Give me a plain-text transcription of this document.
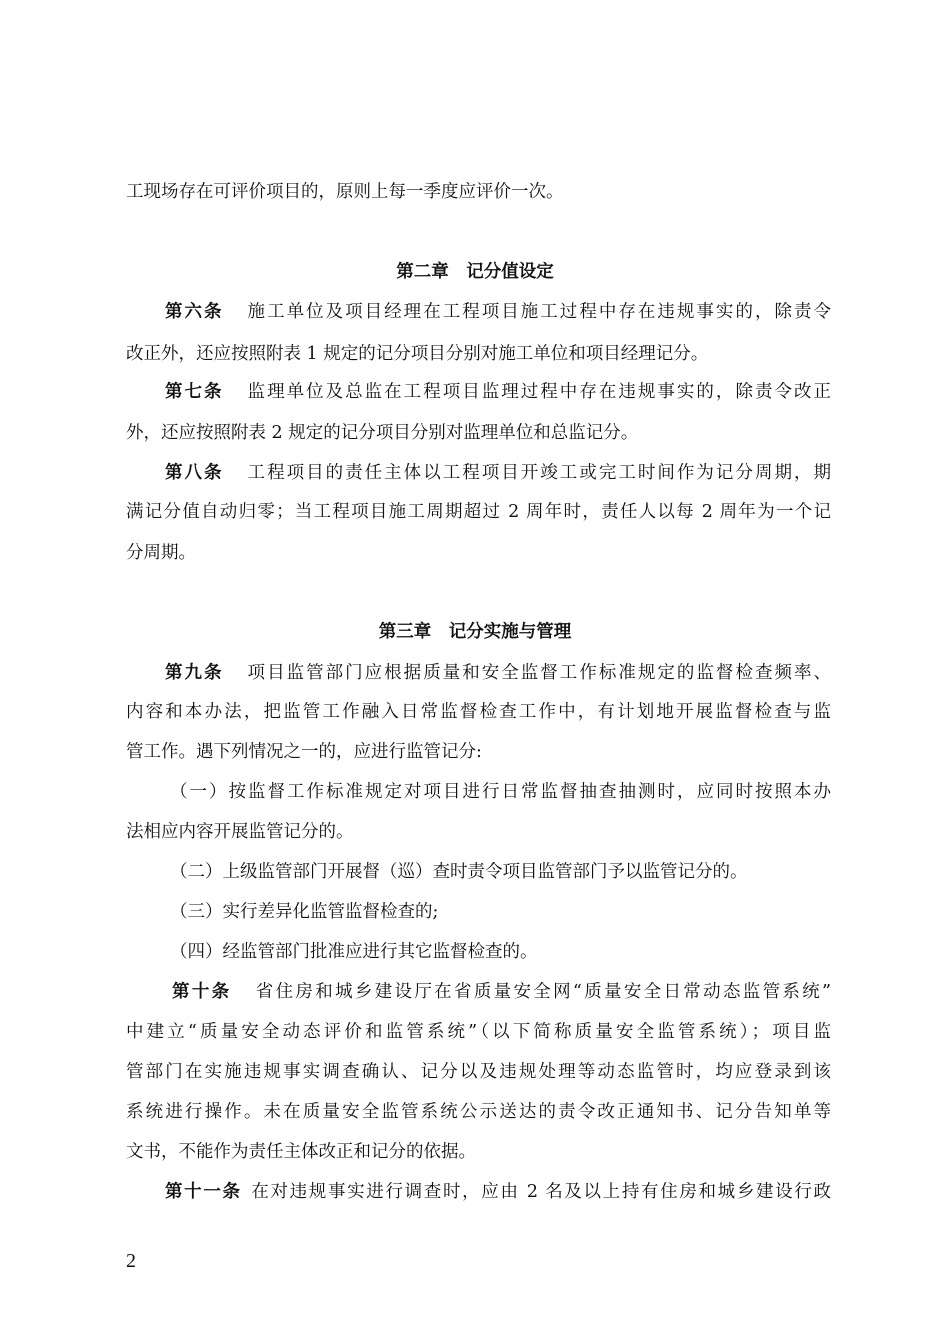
工现场存在可评价项目的，原则上每一季度应评价一次。
第二章　记分值设定
第六条 施工单位及项目经理在工程项目施工过程中存在违规事实的，除责令
改正外，还应按照附表 1 规定的记分项目分别对施工单位和项目经理记分。
第七条 监理单位及总监在工程项目监理过程中存在违规事实的，除责令改正
外，还应按照附表 2 规定的记分项目分别对监理单位和总监记分。
第八条 工程项目的责任主体以工程项目开竣工或完工时间作为记分周期，期
满记分值自动归零；当工程项目施工周期超过 2 周年时，责任人以每 2 周年为一个记
分周期。
第三章　记分实施与管理
第九条 项目监管部门应根据质量和安全监督工作标准规定的监督检查频率、
内容和本办法，把监管工作融入日常监督检查工作中，有计划地开展监督检查与监
管工作。遇下列情况之一的，应进行监管记分:
（一）按监督工作标准规定对项目进行日常监督抽查抽测时，应同时按照本办
法相应内容开展监管记分的。
（二）上级监管部门开展督（巡）查时责令项目监管部门予以监管记分的。
（三）实行差异化监管监督检查的;
（四）经监管部门批准应进行其它监督检查的。
第十条 省住房和城乡建设厅在省质量安全网“质量安全日常动态监管系统”
中建立“质量安全动态评价和监管系统”（以下简称质量安全监管系统）；项目监
管部门在实施违规事实调查确认、记分以及违规处理等动态监管时，均应登录到该
系统进行操作。未在质量安全监管系统公示送达的责令改正通知书、记分告知单等
文书，不能作为责任主体改正和记分的依据。
第十一条 在对违规事实进行调查时，应由 2 名及以上持有住房和城乡建设行政
2
